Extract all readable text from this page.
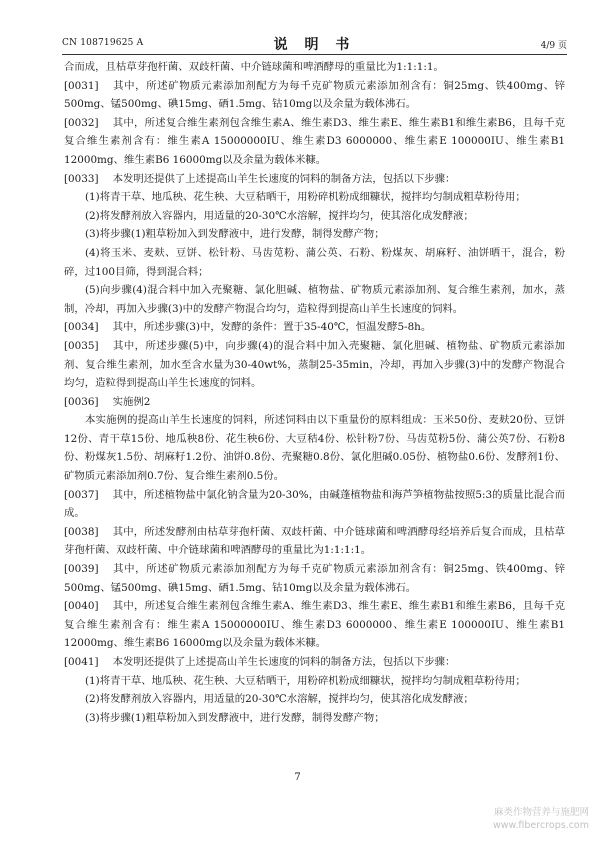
CN 108719625 A	说 明 书	4/9 页

合而成，且枯草芽孢杆菌、双歧杆菌、中介链球菌和啤酒酵母的重量比为1:1:1:1。

[0031] 其中，所述矿物质元素添加剂配方为每千克矿物质元素添加剂含有：铜25mg、铁400mg、锌500mg、锰500mg、碘15mg、硒1.5mg、钴10mg以及余量为载体沸石。

[0032] 其中，所述复合维生素剂包含维生素A、维生素D3、维生素E、维生素B1和维生素B6，且每千克复合维生素剂含有：维生素A 15000000IU、维生素D3 6000000、维生素E 100000IU、维生素B1 12000mg、维生素B6 16000mg以及余量为载体米糠。

[0033] 本发明还提供了上述提高山羊生长速度的饲料的制备方法，包括以下步骤：

(1)将青干草、地瓜秧、花生秧、大豆秸晒干，用粉碎机粉成细糠状，搅拌均匀制成粗草粉待用；

(2)将发酵剂放入容器内，用适量的20-30℃水溶解，搅拌均匀，使其溶化成发酵液；

(3)将步骤(1)粗草粉加入到发酵液中，进行发酵，制得发酵产物；

(4)将玉米、麦麸、豆饼、松针粉、马齿苋粉、蒲公英、石粉、粉煤灰、胡麻籽、油饼晒干，混合，粉碎，过100目筛，得到混合料；

(5)向步骤(4)混合料中加入壳聚糖、氯化胆碱、植物盐、矿物质元素添加剂、复合维生素剂，加水，蒸制，冷却，再加入步骤(3)中的发酵产物混合均匀，造粒得到提高山羊生长速度的饲料。

[0034] 其中，所述步骤(3)中，发酵的条件：置于35-40℃，恒温发酵5-8h。

[0035] 其中，所述步骤(5)中，向步骤(4)的混合料中加入壳聚糖、氯化胆碱、植物盐、矿物质元素添加剂、复合维生素剂，加水至含水量为30-40wt%，蒸制25-35min，冷却，再加入步骤(3)中的发酵产物混合均匀，造粒得到提高山羊生长速度的饲料。

[0036] 实施例2

本实施例的提高山羊生长速度的饲料，所述饲料由以下重量份的原料组成：玉米50份、麦麸20份、豆饼12份、青干草15份、地瓜秧8份、花生秧6份、大豆秸4份、松针粉7份、马齿苋粉5份、蒲公英7份、石粉8份、粉煤灰1.5份、胡麻籽1.2份、油饼0.8份、壳聚糖0.8份、氯化胆碱0.05份、植物盐0.6份、发酵剂1份、矿物质元素添加剂0.7份、复合维生素剂0.5份。

[0037] 其中，所述植物盐中氯化钠含量为20-30%，由碱蓬植物盐和海芦笋植物盐按照5:3的质量比混合而成。

[0038] 其中，所述发酵剂由枯草芽孢杆菌、双歧杆菌、中介链球菌和啤酒酵母经培养后复合而成，且枯草芽孢杆菌、双歧杆菌、中介链球菌和啤酒酵母的重量比为1:1:1:1。

[0039] 其中，所述矿物质元素添加剂配方为每千克矿物质元素添加剂含有：铜25mg、铁400mg、锌500mg、锰500mg、碘15mg、硒1.5mg、钴10mg以及余量为载体沸石。

[0040] 其中，所述复合维生素剂包含维生素A、维生素D3、维生素E、维生素B1和维生素B6，且每千克复合维生素剂含有：维生素A 15000000IU、维生素D3 6000000、维生素E 100000IU、维生素B1 12000mg、维生素B6 16000mg以及余量为载体米糠。

[0041] 本发明还提供了上述提高山羊生长速度的饲料的制备方法，包括以下步骤：

(1)将青干草、地瓜秧、花生秧、大豆秸晒干，用粉碎机粉成细糠状，搅拌均匀制成粗草粉待用；

(2)将发酵剂放入容器内，用适量的20-30℃水溶解，搅拌均匀，使其溶化成发酵液；

(3)将步骤(1)粗草粉加入到发酵液中，进行发酵，制得发酵产物；

7
麻类作物营养与施肥网
www.fibercrops.com
